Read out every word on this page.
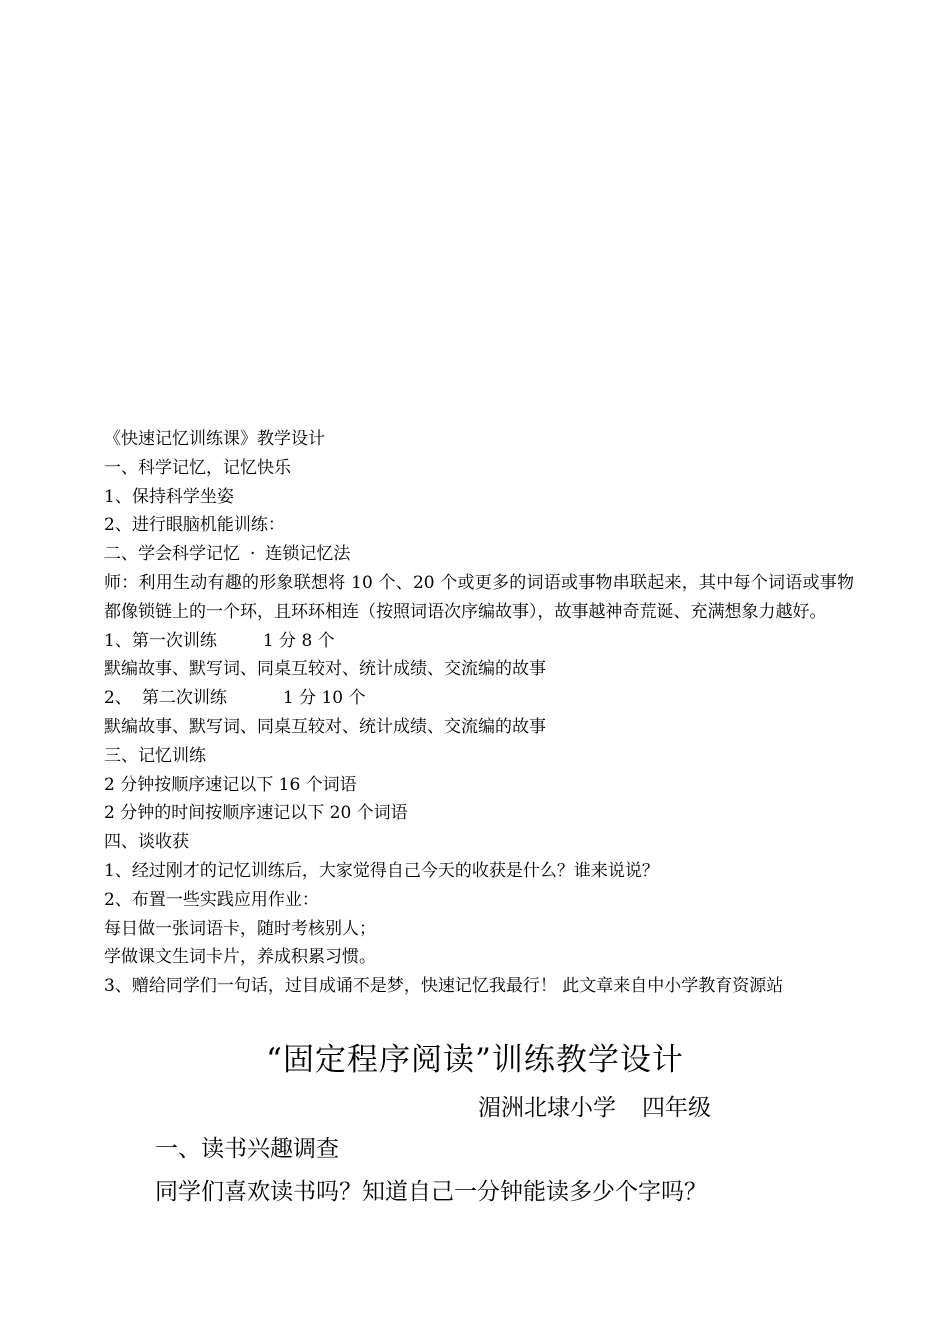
《快速记忆训练课》教学设计
一、科学记忆，记忆快乐
1、保持科学坐姿
2、进行眼脑机能训练：
二、学会科学记忆 · 连锁记忆法
师：利用生动有趣的形象联想将 10 个、20 个或更多的词语或事物串联起来，其中每个词语或事物都像锁链上的一个环，且环环相连（按照词语次序编故事），故事越神奇荒诞、充满想象力越好。
1、第一次训练	1 分 8 个
默编故事、默写词、同桌互较对、统计成绩、交流编的故事
2、 第二次训练	1 分 10 个
默编故事、默写词、同桌互较对、统计成绩、交流编的故事
三、记忆训练
2 分钟按顺序速记以下 16 个词语
2 分钟的时间按顺序速记以下 20 个词语
四、谈收获
1、经过刚才的记忆训练后，大家觉得自己今天的收获是什么？谁来说说？
2、布置一些实践应用作业：
每日做一张词语卡，随时考核别人；
学做课文生词卡片，养成积累习惯。
3、赠给同学们一句话，过目成诵不是梦，快速记忆我最行！ 此文章来自中小学教育资源站
“固定程序阅读”训练教学设计
湄洲北埭小学 四年级
一、读书兴趣调查
同学们喜欢读书吗？知道自己一分钟能读多少个字吗？
